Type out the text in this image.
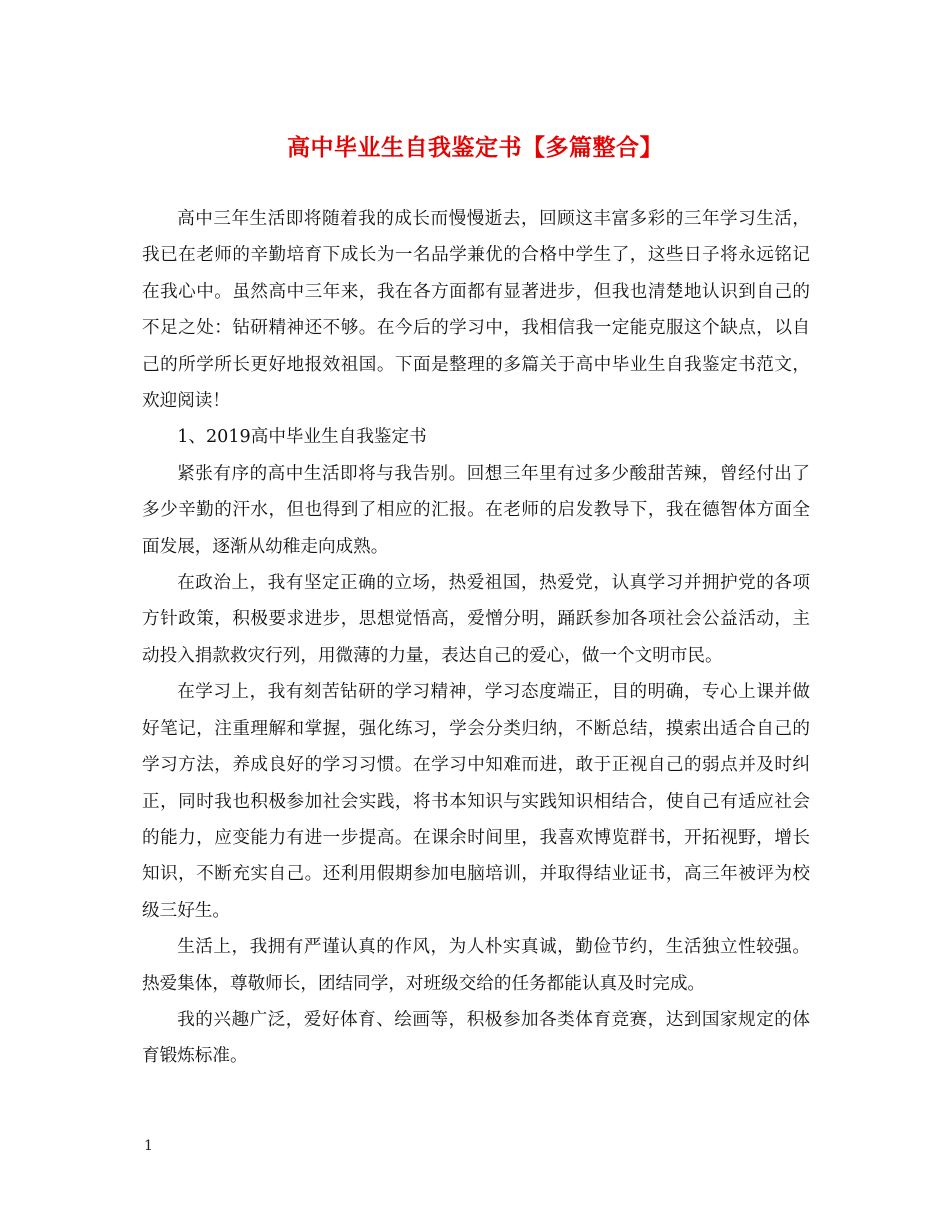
高中毕业生自我鉴定书【多篇整合】

高中三年生活即将随着我的成长而慢慢逝去，回顾这丰富多彩的三年学习生活，我已在老师的辛勤培育下成长为一名品学兼优的合格中学生了，这些日子将永远铭记在我心中。虽然高中三年来，我在各方面都有显著进步，但我也清楚地认识到自己的不足之处：钻研精神还不够。在今后的学习中，我相信我一定能克服这个缺点，以自己的所学所长更好地报效祖国。下面是整理的多篇关于高中毕业生自我鉴定书范文，欢迎阅读！

1、2019高中毕业生自我鉴定书

紧张有序的高中生活即将与我告别。回想三年里有过多少酸甜苦辣，曾经付出了多少辛勤的汗水，但也得到了相应的汇报。在老师的启发教导下，我在德智体方面全面发展，逐渐从幼稚走向成熟。

在政治上，我有坚定正确的立场，热爱祖国，热爱党，认真学习并拥护党的各项方针政策，积极要求进步，思想觉悟高，爱憎分明，踊跃参加各项社会公益活动，主动投入捐款救灾行列，用微薄的力量，表达自己的爱心，做一个文明市民。

在学习上，我有刻苦钻研的学习精神，学习态度端正，目的明确，专心上课并做好笔记，注重理解和掌握，强化练习，学会分类归纳，不断总结，摸索出适合自己的学习方法，养成良好的学习习惯。在学习中知难而进，敢于正视自己的弱点并及时纠正，同时我也积极参加社会实践，将书本知识与实践知识相结合，使自己有适应社会的能力，应变能力有进一步提高。在课余时间里，我喜欢博览群书，开拓视野，增长知识，不断充实自己。还利用假期参加电脑培训，并取得结业证书，高三年被评为校级三好生。

生活上，我拥有严谨认真的作风，为人朴实真诚，勤俭节约，生活独立性较强。热爱集体，尊敬师长，团结同学，对班级交给的任务都能认真及时完成。

我的兴趣广泛，爱好体育、绘画等，积极参加各类体育竞赛，达到国家规定的体育锻炼标准。

1
